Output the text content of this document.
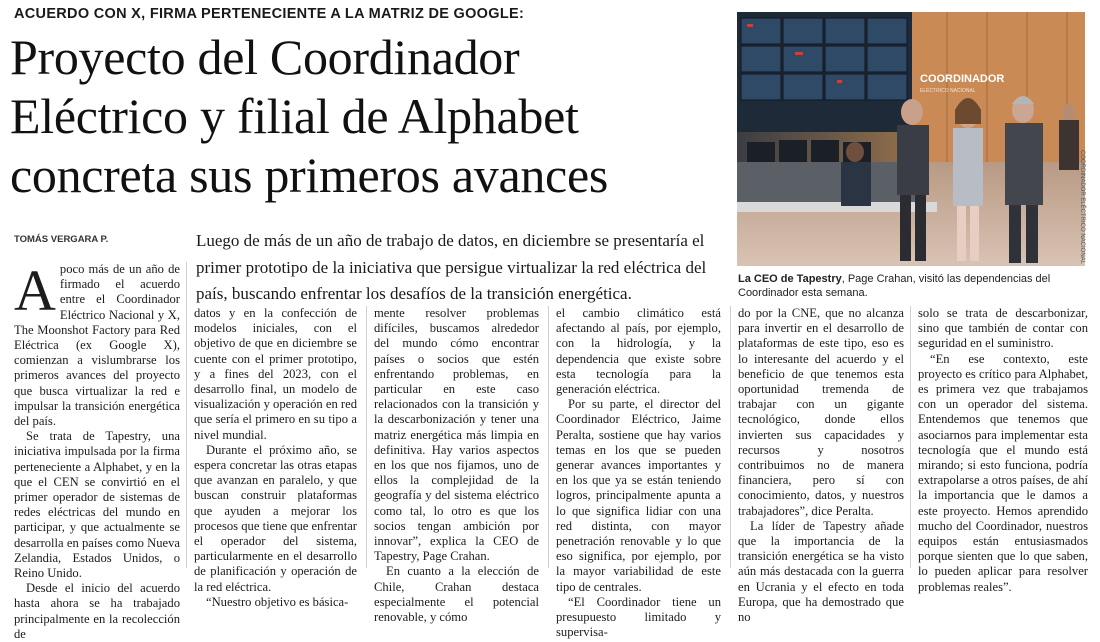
ACUERDO CON X, FIRMA PERTENECIENTE A LA MATRIZ DE GOOGLE:
Proyecto del Coordinador
Eléctrico y filial de Alphabet
concreta sus primeros avances
TOMÁS VERGARA P.	Luego de más de un año de trabajo de datos, en diciembre se presentaría el primer prototipo de la iniciativa que persigue virtualizar la red eléctrica del país, buscando enfrentar los desafíos de la transición energética.
COORDINADOR
ELÉCTRICO NACIONAL
COORDINADOR ELÉCTRICO NACIONAL
La CEO de Tapestry, Page Crahan, visitó las dependencias del Coordinador esta semana.

Apoco más de un año de firmado el acuerdo entre el Coordinador Eléctrico Nacional y X, The Moonshot Factory para Red Eléctrica (ex Google X), comienzan a vislumbrarse los primeros avances del proyecto que busca virtualizar la red e impulsar la transición energética del país.

Se trata de Tapestry, una iniciativa impulsada por la firma perteneciente a Alphabet, y en la que el CEN se convirtió en el primer operador de sistemas de redes eléctricas del mundo en participar, y que actualmente se desarrolla en países como Nueva Zelandia, Estados Unidos, o Reino Unido.

Desde el inicio del acuerdo hasta ahora se ha trabajado principalmente en la recolección de

datos y en la confección de modelos iniciales, con el objetivo de que en diciembre se cuente con el primer prototipo, y a fines del 2023, con el desarrollo final, un modelo de visualización y operación en red que sería el primero en su tipo a nivel mundial.

Durante el próximo año, se espera concretar las otras etapas que avanzan en paralelo, y que buscan construir plataformas que ayuden a mejorar los procesos que tiene que enfrentar el operador del sistema, particularmente en el desarrollo de planificación y operación de la red eléctrica.

“Nuestro objetivo es básica-

mente resolver problemas difíciles, buscamos alrededor del mundo cómo encontrar países o socios que estén enfrentando problemas, en particular en este caso relacionados con la transición y la descarbonización y tener una matriz energética más limpia en definitiva. Hay varios aspectos en los que nos fijamos, uno de ellos la complejidad de la geografía y del sistema eléctrico como tal, lo otro es que los socios tengan ambición por innovar”, explica la CEO de Tapestry, Page Crahan.

En cuanto a la elección de Chile, Crahan destaca especialmente el potencial renovable, y cómo

el cambio climático está afectando al país, por ejemplo, con la hidrología, y la dependencia que existe sobre esta tecnología para la generación eléctrica.

Por su parte, el director del Coordinador Eléctrico, Jaime Peralta, sostiene que hay varios temas en los que se pueden generar avances importantes y en los que ya se están teniendo logros, principalmente apunta a lo que significa lidiar con una red distinta, con mayor penetración renovable y lo que eso significa, por ejemplo, por la mayor variabilidad de este tipo de centrales.

“El Coordinador tiene un presupuesto limitado y supervisa-

do por la CNE, que no alcanza para invertir en el desarrollo de plataformas de este tipo, eso es lo interesante del acuerdo y el beneficio de que tenemos esta oportunidad tremenda de trabajar con un gigante tecnológico, donde ellos invierten sus capacidades y recursos y nosotros contribuimos no de manera financiera, pero sí con conocimiento, datos, y nuestros trabajadores”, dice Peralta.

La líder de Tapestry añade que la importancia de la transición energética se ha visto aún más destacada con la guerra en Ucrania y el efecto en toda Europa, que ha demostrado que no

solo se trata de descarbonizar, sino que también de contar con seguridad en el suministro.

“En ese contexto, este proyecto es crítico para Alphabet, es primera vez que trabajamos con un operador del sistema. Entendemos que tenemos que asociarnos para implementar esta tecnología que el mundo está mirando; si esto funciona, podría extrapolarse a otros países, de ahí la importancia que le damos a este proyecto. Hemos aprendido mucho del Coordinador, nuestros equipos están entusiasmados porque sienten que lo que saben, lo pueden aplicar para resolver problemas reales”.
